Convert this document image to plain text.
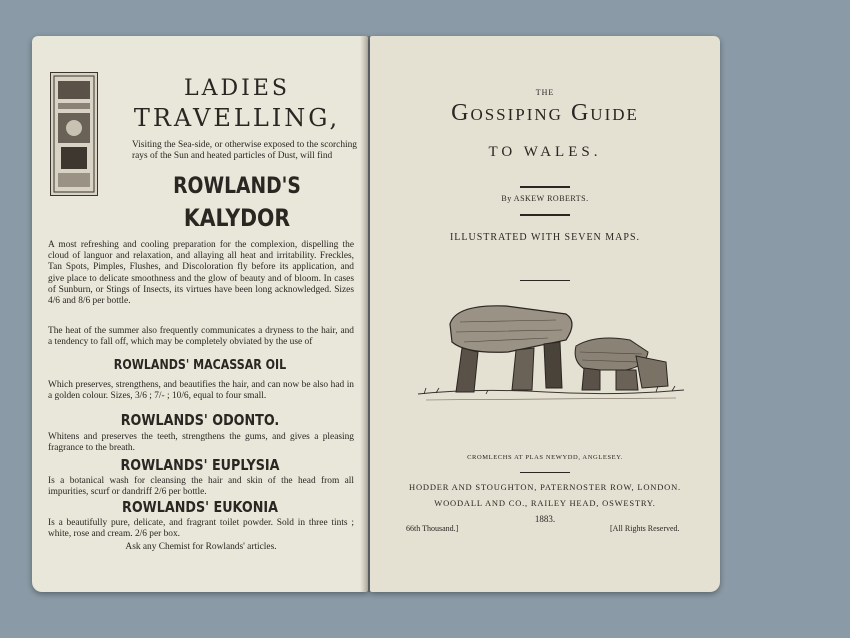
LADIES

TRAVELLING,

Visiting the Sea-side, or otherwise exposed to the scorching rays of the Sun and heated particles of Dust, will find

ROWLAND'S

KALYDOR

A most refreshing and cooling preparation for the complexion, dispelling the cloud of languor and relaxation, and allaying all heat and irritability. Freckles, Tan Spots, Pimples, Flushes, and Discoloration fly before its application, and give place to delicate smoothness and the glow of beauty and of bloom. In cases of Sunburn, or Stings of Insects, its virtues have been long acknowledged. Sizes 4/6 and 8/6 per bottle.

The heat of the summer also frequently communicates a dryness to the hair, and a tendency to fall off, which may be completely obviated by the use of

ROWLANDS' MACASSAR OIL

Which preserves, strengthens, and beautifies the hair, and can now be also had in a golden colour. Sizes, 3/6 ; 7/- ; 10/6, equal to four small.

ROWLANDS' ODONTO.

Whitens and preserves the teeth, strengthens the gums, and gives a pleasing fragrance to the breath.

ROWLANDS' EUPLYSIA

Is a botanical wash for cleansing the hair and skin of the head from all impurities, scurf or dandriff 2/6 per bottle.

ROWLANDS' EUKONIA

Is a beautifully pure, delicate, and fragrant toilet powder. Sold in three tints ; white, rose and cream. 2/6 per box.

Ask any Chemist for Rowlands' articles.

THE

Gossiping Guide

TO WALES.

By ASKEW ROBERTS.

ILLUSTRATED WITH SEVEN MAPS.

CROMLECHS AT PLAS NEWYDD, ANGLESEY.

HODDER AND STOUGHTON, PATERNOSTER ROW, LONDON.

WOODALL AND CO., RAILEY HEAD, OSWESTRY.

1883.

66th Thousand.]	[All Rights Reserved.
